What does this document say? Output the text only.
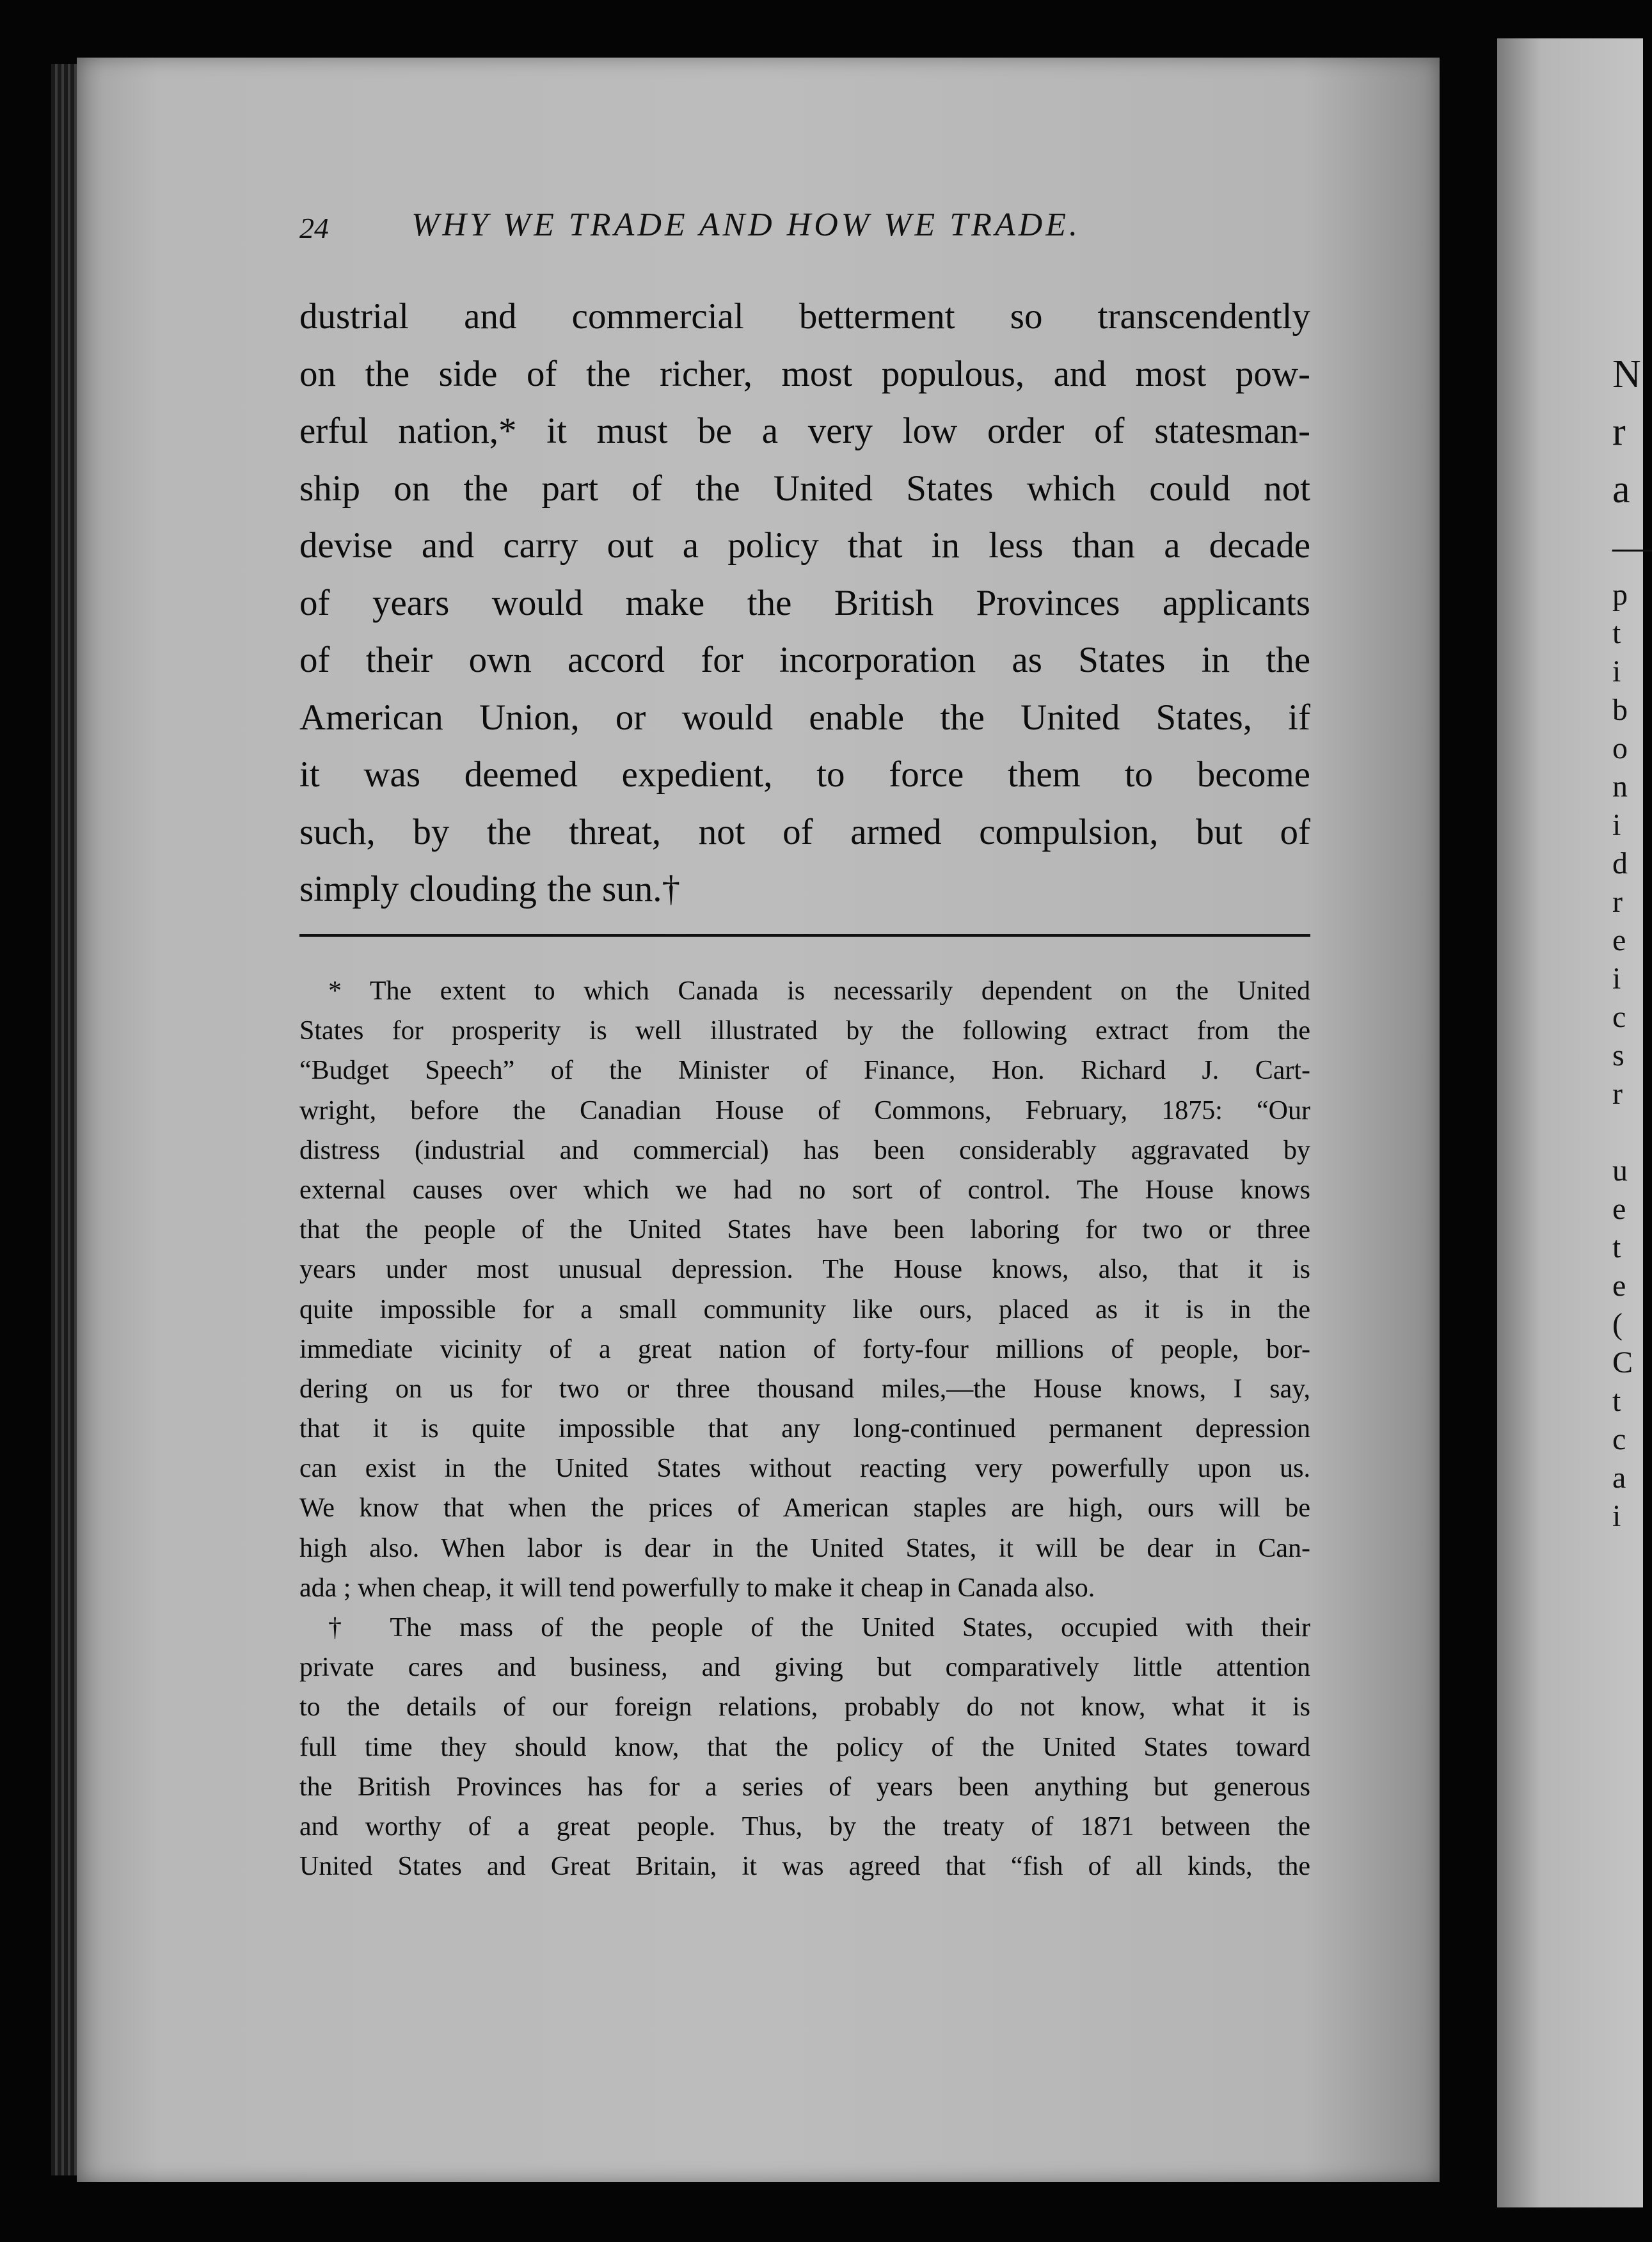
24 WHY WE TRADE AND HOW WE TRADE.
dustrial and commercial betterment so transcendently
on the side of the richer, most populous, and most pow-
erful nation,* it must be a very low order of statesman-
ship on the part of the United States which could not
devise and carry out a policy that in less than a decade
of years would make the British Provinces applicants
of their own accord for incorporation as States in the
American Union, or would enable the United States, if
it was deemed expedient, to force them to become
such, by the threat, not of armed compulsion, but of
simply clouding the sun.†
* The extent to which Canada is necessarily dependent on the United
States for prosperity is well illustrated by the following extract from the
“Budget Speech” of the Minister of Finance, Hon. Richard J. Cart-
wright, before the Canadian House of Commons, February, 1875: “Our
distress (industrial and commercial) has been considerably aggravated by
external causes over which we had no sort of control. The House knows
that the people of the United States have been laboring for two or three
years under most unusual depression. The House knows, also, that it is
quite impossible for a small community like ours, placed as it is in the
immediate vicinity of a great nation of forty-four millions of people, bor-
dering on us for two or three thousand miles,—the House knows, I say,
that it is quite impossible that any long-continued permanent depression
can exist in the United States without reacting very powerfully upon us.
We know that when the prices of American staples are high, ours will be
high also. When labor is dear in the United States, it will be dear in Can-
ada ; when cheap, it will tend powerfully to make it cheap in Canada also.
† The mass of the people of the United States, occupied with their
private cares and business, and giving but comparatively little attention
to the details of our foreign relations, probably do not know, what it is
full time they should know, that the policy of the United States toward
the British Provinces has for a series of years been anything but generous
and worthy of a great people. Thus, by the treaty of 1871 between the
United States and Great Britain, it was agreed that “fish of all kinds, the
N
r
a
—
p
t
i
b
o
n
i
d
r
e
i
c
s
r

u
e
t
e
(
C
t
c
a
i
